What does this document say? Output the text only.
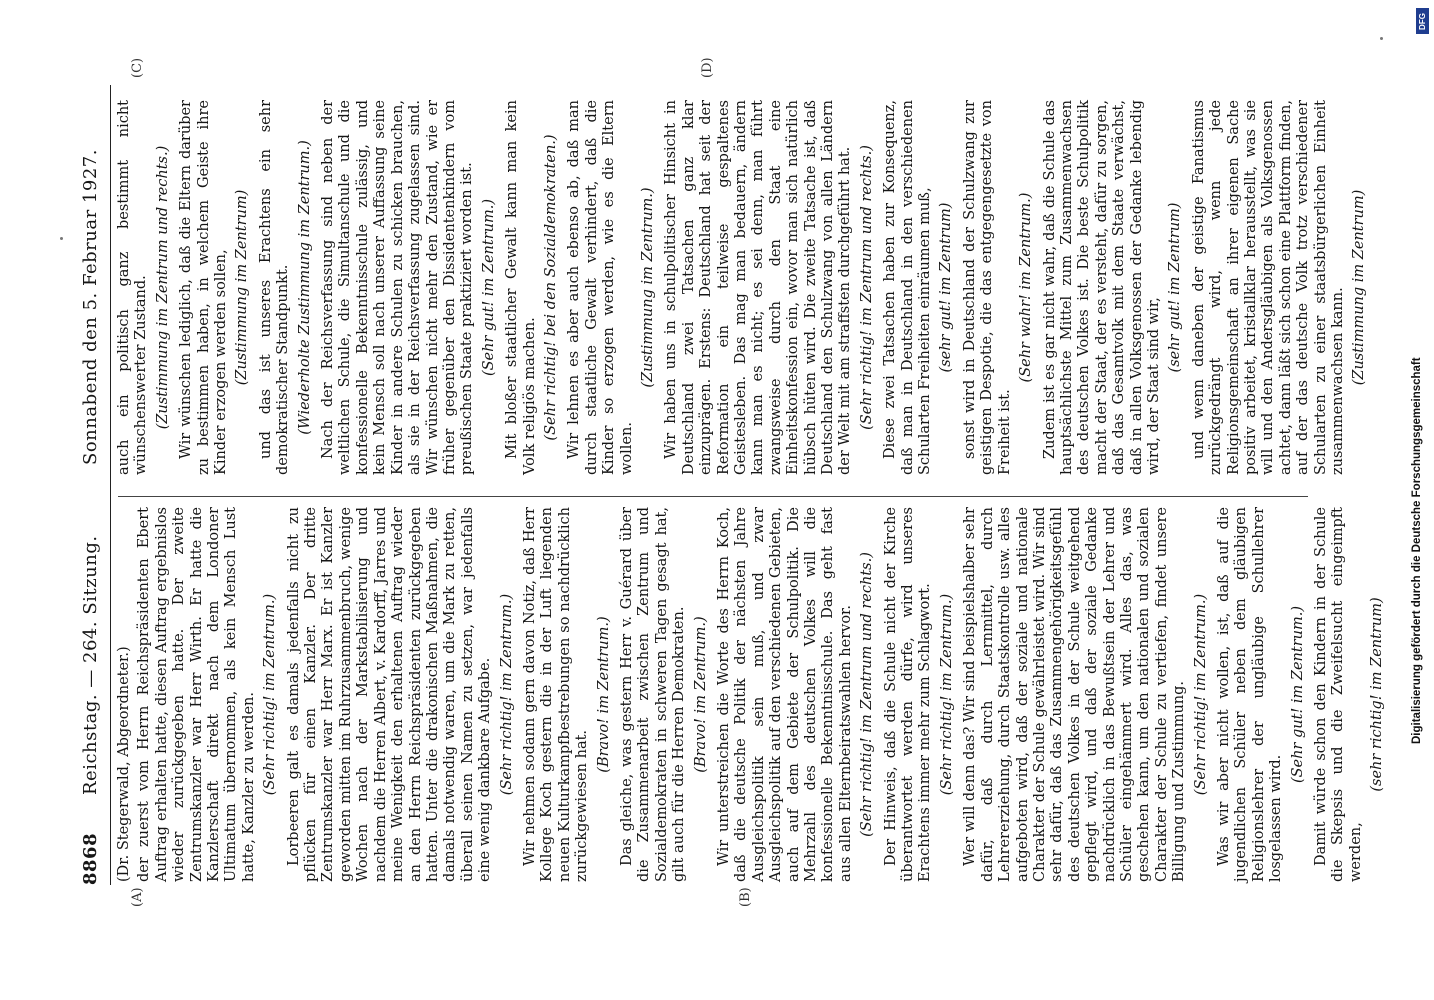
8868
Reichstag. — 264. Sitzung.
Sonnabend den 5. Februar 1927.
(A)	(B)
(C)	(D)

(Dr. Stegerwald, Abgeordneter.) der zuerst vom Herrn Reichspräsidenten Ebert Auftrag erhalten hatte, diesen Auftrag ergebnislos wieder zurückgegeben hatte. Der zweite Zentrumskanzler war Herr Wirth. Er hatte die Kanzlerschaft direkt nach dem Londoner Ultimatum übernommen, als kein Mensch Lust hatte, Kanzler zu werden. (Sehr richtig! im Zentrum.) Lorbeeren galt es damals jedenfalls nicht zu pflücken für einen Kanzler. Der dritte Zentrumskanzler war Herr Marx. Er ist Kanzler geworden mitten im Ruhrzusammenbruch, wenige Wochen nach der Markstabilisierung und nachdem die Herren Albert, v. Kardorff, Jarres und meine Wenigkeit den erhaltenen Auftrag wieder an den Herrn Reichspräsidenten zurückgegeben hatten. Unter die drakonischen Maßnahmen, die damals notwendig waren, um die Mark zu retten, überall seinen Namen zu setzen, war jedenfalls eine wenig dankbare Aufgabe. (Sehr richtig! im Zentrum.) Wir nehmen sodann gern davon Notiz, daß Herr Kollege Koch gestern die in der Luft liegenden neuen Kulturkampfbestrebungen so nachdrücklich zurückgewiesen hat.

(Bravo! im Zentrum.) Das gleiche, was gestern Herr v. Guérard über die Zusammenarbeit zwischen Zentrum und Sozialdemokraten in schweren Tagen gesagt hat, gilt auch für die Herren Demokraten. (Bravo! im Zentrum.) Wir unterstreichen die Worte des Herrn Koch, daß die deutsche Politik der nächsten Jahre Ausgleichspolitik sein muß, und zwar Ausgleichspolitik auf den verschiedenen Gebieten, auch auf dem Gebiete der Schulpolitik. Die Mehrzahl des deutschen Volkes will die konfessionelle Bekenntnisschule. Das geht fast aus allen Elternbeiratswahlen hervor. (Sehr richtig! im Zentrum und rechts.) Der Hinweis, daß die Schule nicht der Kirche überantwortet werden dürfe, wird unseres Erachtens immer mehr zum Schlagwort. (Sehr richtig! im Zentrum.) Wer will denn das? Wir sind beispielshalber sehr dafür, daß durch Lernmittel, durch Lehrererziehung, durch Staatskontrolle usw. alles aufgeboten wird, daß der soziale und nationale Charakter der Schule gewährleistet wird. Wir sind sehr dafür, daß das Zusammengehörigkeitsgefühl des deutschen Volkes in der Schule weitgehend gepflegt wird, und daß der soziale Gedanke nachdrücklich in das Bewußtsein der Lehrer und Schüler eingehämmert wird. Alles das, was geschehen kann, um den nationalen und sozialen Charakter der Schule zu vertiefen, findet unsere Billigung und Zustimmung. (Sehr richtig! im Zentrum.) Was wir aber nicht wollen, ist, daß auf die jugendlichen Schüler neben dem gläubigen Religionslehrer der ungläubige Schullehrer losgelassen wird.

(Sehr gut! im Zentrum.) Damit würde schon den Kindern in der Schule die Skepsis und die Zweifelsucht eingeimpft werden,

(sehr richtig! im Zentrum)

auch ein politisch ganz bestimmt nicht wünschenswerter Zustand. (Zustimmung im Zentrum und rechts.) Wir wünschen lediglich, daß die Eltern darüber zu bestimmen haben, in welchem Geiste ihre Kinder erzogen werden sollen, (Zustimmung im Zentrum) und das ist unseres Erachtens ein sehr demokratischer Standpunkt. (Wiederholte Zustimmung im Zentrum.) Nach der Reichsverfassung sind neben der weltlichen Schule, die Simultanschule und die konfessionelle Bekenntnisschule zulässig, und kein Mensch soll nach unserer Auffassung seine Kinder in andere Schulen zu schicken brauchen, als sie in der Reichsverfassung zugelassen sind. Wir wünschen nicht mehr den Zustand, wie er früher gegenüber den Dissidentenkindern vom preußischen Staate praktiziert worden ist. (Sehr gut! im Zentrum.) Mit bloßer staatlicher Gewalt kann man kein Volk religiös machen. (Sehr richtig! bei den Sozialdemokraten.) Wir lehnen es aber auch ebenso ab, daß man durch staatliche Gewalt verhindert, daß die Kinder so erzogen werden, wie es die Eltern wollen.

(Zustimmung im Zentrum.) Wir haben uns in schulpolitischer Hinsicht in Deutschland zwei Tatsachen ganz klar einzuprägen. Erstens: Deutschland hat seit der Reformation ein teilweise gespaltenes Geistesleben. Das mag man bedauern, ändern kann man es nicht; es sei denn, man führt zwangsweise durch den Staat eine Einheitskonfession ein, wovor man sich natürlich hübsch hüten wird. Die zweite Tatsache ist, daß Deutschland den Schulzwang von allen Ländern der Welt mit am straffsten durchgeführt hat. (Sehr richtig! im Zentrum und rechts.) Diese zwei Tatsachen haben zur Konsequenz, daß man in Deutschland in den verschiedenen Schularten Freiheiten einräumen muß, (sehr gut! im Zentrum) sonst wird in Deutschland der Schulzwang zur geistigen Despotie, die das entgegengesetzte von Freiheit ist.

(Sehr wahr! im Zentrum.) Zudem ist es gar nicht wahr, daß die Schule das hauptsächlichste Mittel zum Zusammenwachsen des deutschen Volkes ist. Die beste Schulpolitik macht der Staat, der es versteht, dafür zu sorgen, daß das Gesamtvolk mit dem Staate verwächst, daß in allen Volksgenossen der Gedanke lebendig wird, der Staat sind wir,

(sehr gut! im Zentrum) und wenn daneben der geistige Fanatismus zurückgedrängt wird, wenn jede Religionsgemeinschaft an ihrer eigenen Sache positiv arbeitet, kristallklar herausstellt, was sie will und den Andersgläubigen als Volksgenossen achtet, dann läßt sich schon eine Plattform finden, auf der das deutsche Volk trotz verschiedener Schularten zu einer staatsbürgerlichen Einheit zusammenwachsen kann. (Zustimmung im Zentrum)

DFG
Digitalisierung gefördert durch die Deutsche Forschungsgemeinschaft
